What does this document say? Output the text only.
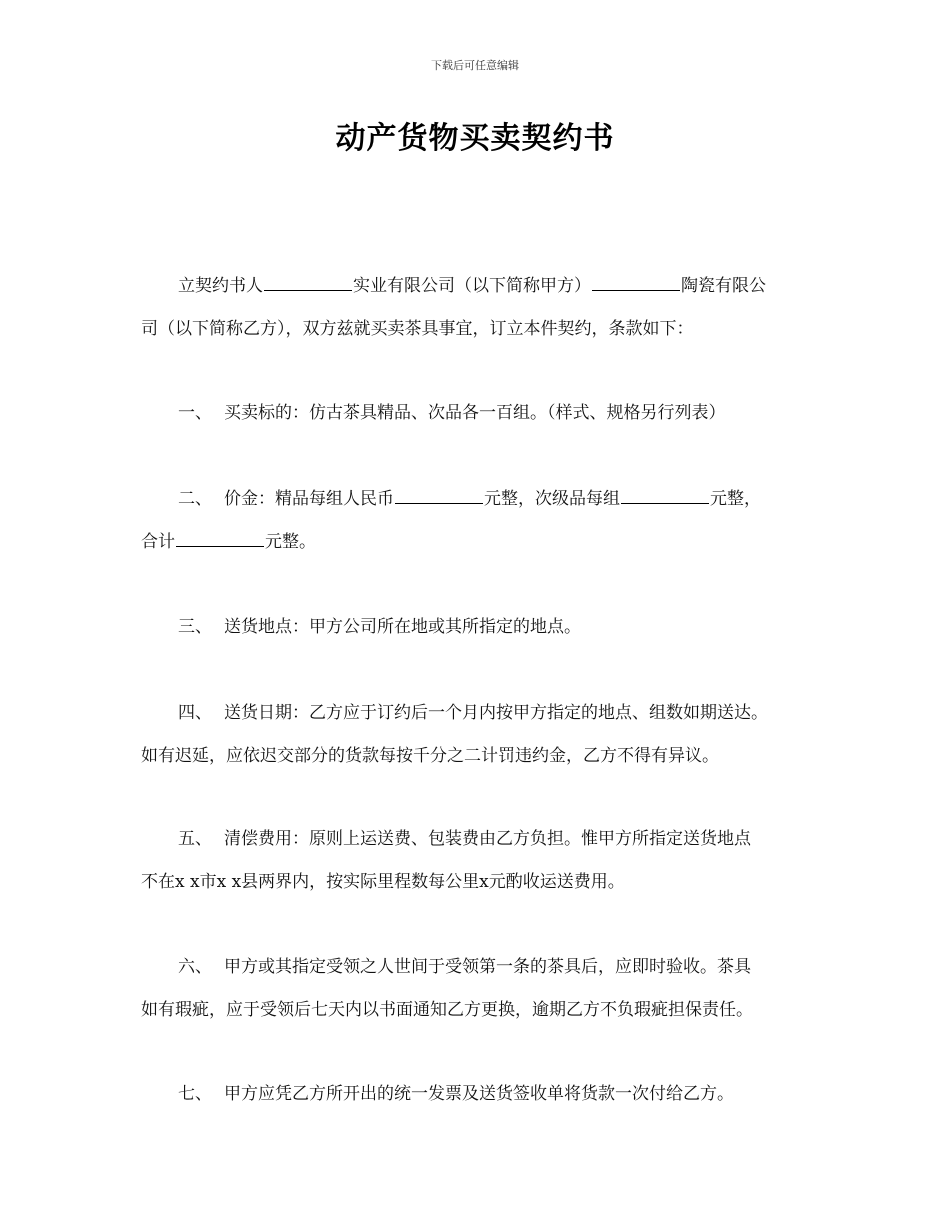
下载后可任意编辑
动产货物买卖契约书
立契约书人	实业有限公司（以下简称甲方）	陶瓷有限公
司（以下简称乙方），双方兹就买卖茶具事宜，订立本件契约，条款如下：
一、 买卖标的：仿古茶具精品、次品各一百组。（样式、规格另行列表）
二、 价金：精品每组人民币	元整，次级品每组	元整，
合计	元整。
三、 送货地点：甲方公司所在地或其所指定的地点。
四、 送货日期：乙方应于订约后一个月内按甲方指定的地点、组数如期送达。
如有迟延，应依迟交部分的货款每按千分之二计罚违约金，乙方不得有异议。
五、 清偿费用：原则上运送费、包装费由乙方负担。惟甲方所指定送货地点
不在x x市x x县两界内，按实际里程数每公里x元酌收运送费用。
六、 甲方或其指定受领之人世间于受领第一条的茶具后，应即时验收。茶具
如有瑕疵，应于受领后七天内以书面通知乙方更换，逾期乙方不负瑕疵担保责任。
七、 甲方应凭乙方所开出的统一发票及送货签收单将货款一次付给乙方。
